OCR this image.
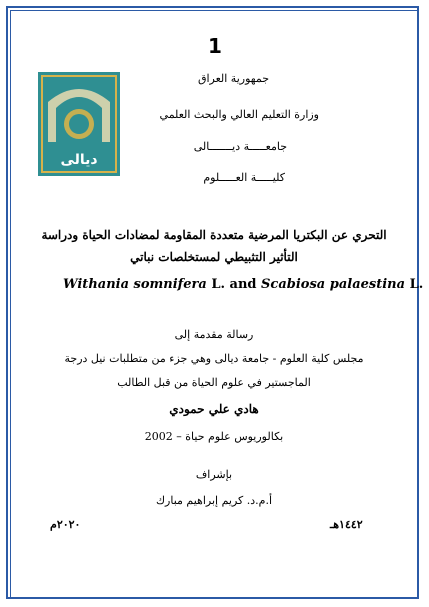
1
ديالى
جمهورية العراق
وزارة التعليم العالي والبحث العلمي
جامعـــــة ديـــــــالى
كليـــــة العـــــلوم
التحري عن البكتريا المرضية متعددة المقاومة لمضادات الحياة ودراسة
التأثير التثبيطي لمستخلصات نباتي
Withania somnifera L. and Scabiosa palaestina L.
رسالة مقدمة إلى
مجلس كلية العلوم - جامعة ديالى وهي جزء من متطلبات نيل درجة
الماجستير في علوم الحياة من قبل الطالب
هادي علي حمودي
بكالوريوس علوم حياة – 2002
بإشراف
أ.م.د. كريم إبراهيم مبارك
١٤٤٢هـ
٢٠٢٠م
